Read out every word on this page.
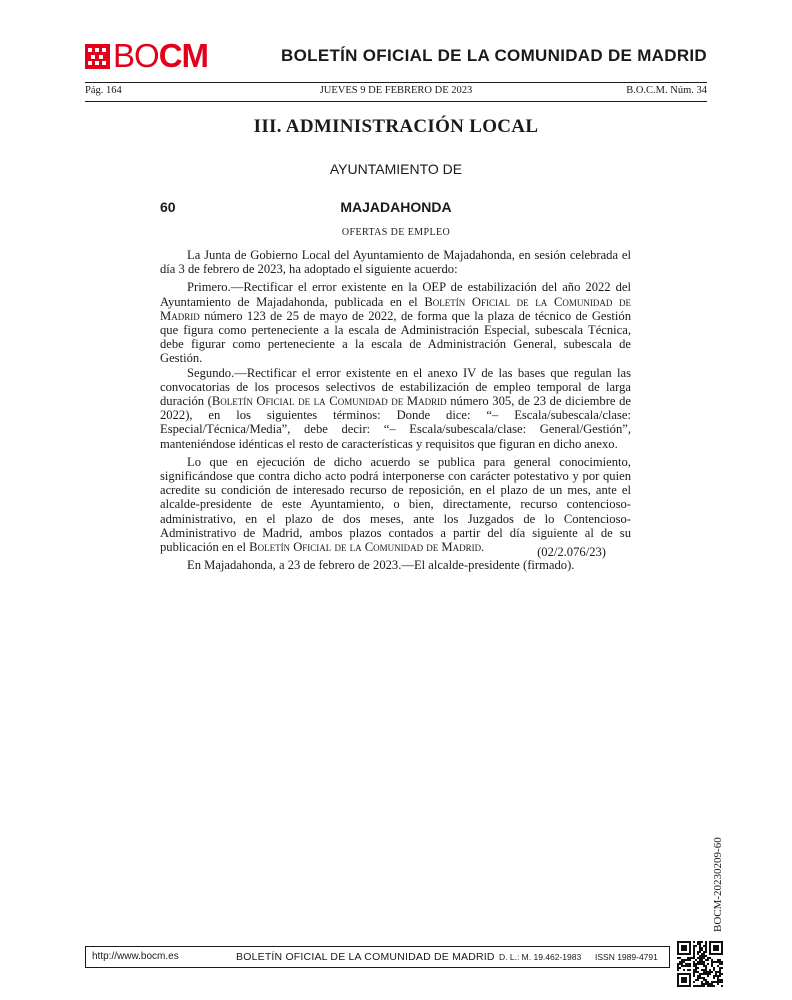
BOCM	BOLETÍN OFICIAL DE LA COMUNIDAD DE MADRID
Pág. 164	JUEVES 9 DE FEBRERO DE 2023	B.O.C.M. Núm. 34
III. ADMINISTRACIÓN LOCAL
AYUNTAMIENTO DE
60	MAJADAHONDA
OFERTAS DE EMPLEO

La Junta de Gobierno Local del Ayuntamiento de Majadahonda, en sesión celebrada el día 3 de febrero de 2023, ha adoptado el siguiente acuerdo:

Primero.—Rectificar el error existente en la OEP de estabilización del año 2022 del Ayuntamiento de Majadahonda, publicada en el Boletín Oficial de la Comunidad de Madrid número 123 de 25 de mayo de 2022, de forma que la plaza de técnico de Gestión que figura como perteneciente a la escala de Administración Especial, subescala Técnica, debe figurar como perteneciente a la escala de Administración General, subescala de Gestión.

Segundo.—Rectificar el error existente en el anexo IV de las bases que regulan las convocatorias de los procesos selectivos de estabilización de empleo temporal de larga duración (Boletín Oficial de la Comunidad de Madrid número 305, de 23 de diciembre de 2022), en los siguientes términos: Donde dice: “– Escala/subescala/clase: Especial/Técnica/Media”, debe decir: “– Escala/subescala/clase: General/Gestión”, manteniéndose idénticas el resto de características y requisitos que figuran en dicho anexo.

Lo que en ejecución de dicho acuerdo se publica para general conocimiento, significándose que contra dicho acto podrá interponerse con carácter potestativo y por quien acredite su condición de interesado recurso de reposición, en el plazo de un mes, ante el alcalde-presidente de este Ayuntamiento, o bien, directamente, recurso contencioso-administrativo, en el plazo de dos meses, ante los Juzgados de lo Contencioso-Administrativo de Madrid, ambos plazos contados a partir del día siguiente al de su publicación en el Boletín Oficial de la Comunidad de Madrid.

En Majadahonda, a 23 de febrero de 2023.—El alcalde-presidente (firmado).

(02/2.076/23)
BOCM-20230209-60
http://www.bocm.es	BOLETÍN OFICIAL DE LA COMUNIDAD DE MADRID D. L.: M. 19.462-1983 ISSN 1989-4791
